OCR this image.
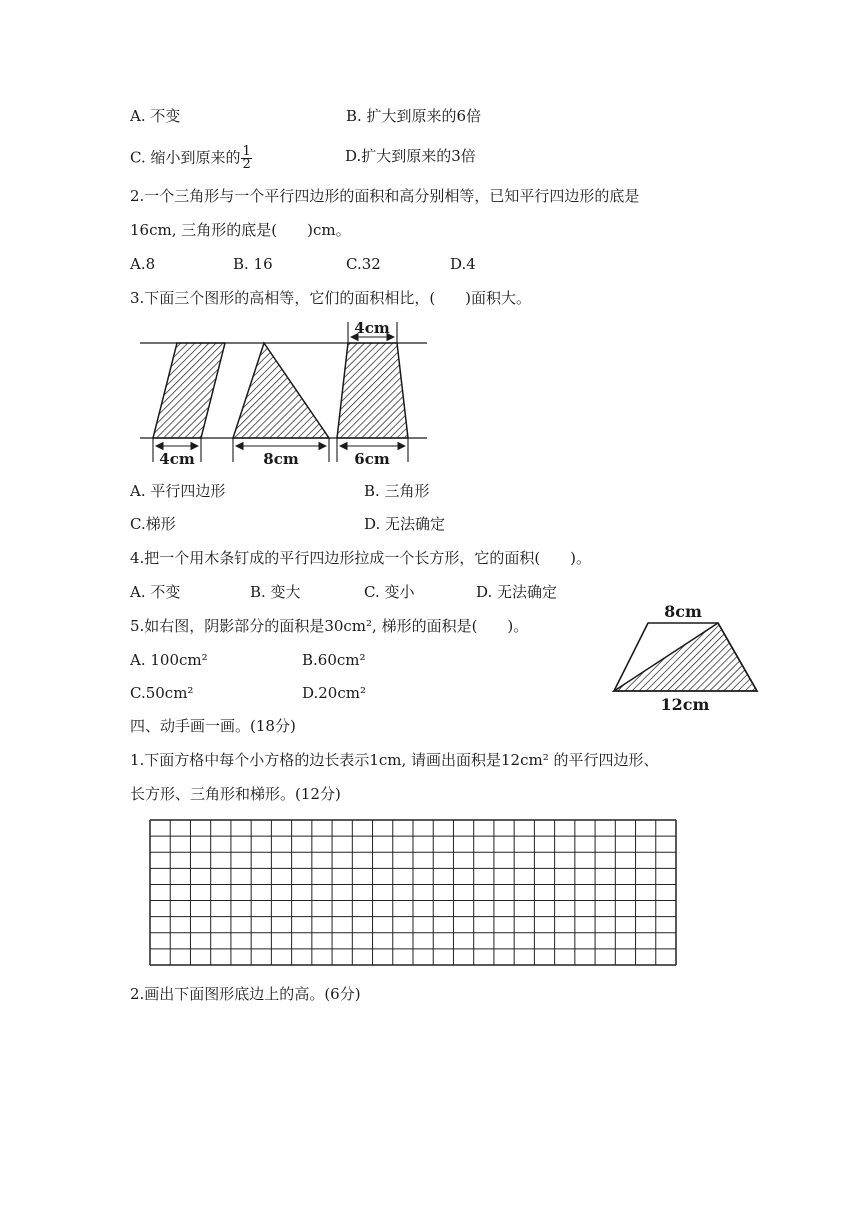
A. 不变	B. 扩大到原来的6倍
C. 缩小到原来的 $\frac{1}{2}$	D.扩大到原来的3倍
2.一个三角形与一个平行四边形的面积和高分别相等，已知平行四边形的底是
16cm, 三角形的底是(　　)cm。
A.8	B. 16	C.32	D.4
3.下面三个图形的高相等，它们的面积相比，(　　)面积大。
4cm
4cm	8cm	6cm
A. 平行四边形	B. 三角形
C.梯形	D. 无法确定
4.把一个用木条钉成的平行四边形拉成一个长方形，它的面积(　　)。
A. 不变	B. 变大	C. 变小	D. 无法确定
5.如右图，阴影部分的面积是30cm², 梯形的面积是(　　)。
A. 100cm²	B.60cm²
C.50cm²	D.20cm²
8cm
12cm
四、动手画一画。(18分)
1.下面方格中每个小方格的边长表示1cm, 请画出面积是12cm² 的平行四边形、
长方形、三角形和梯形。(12分)
2.画出下面图形底边上的高。(6分)
